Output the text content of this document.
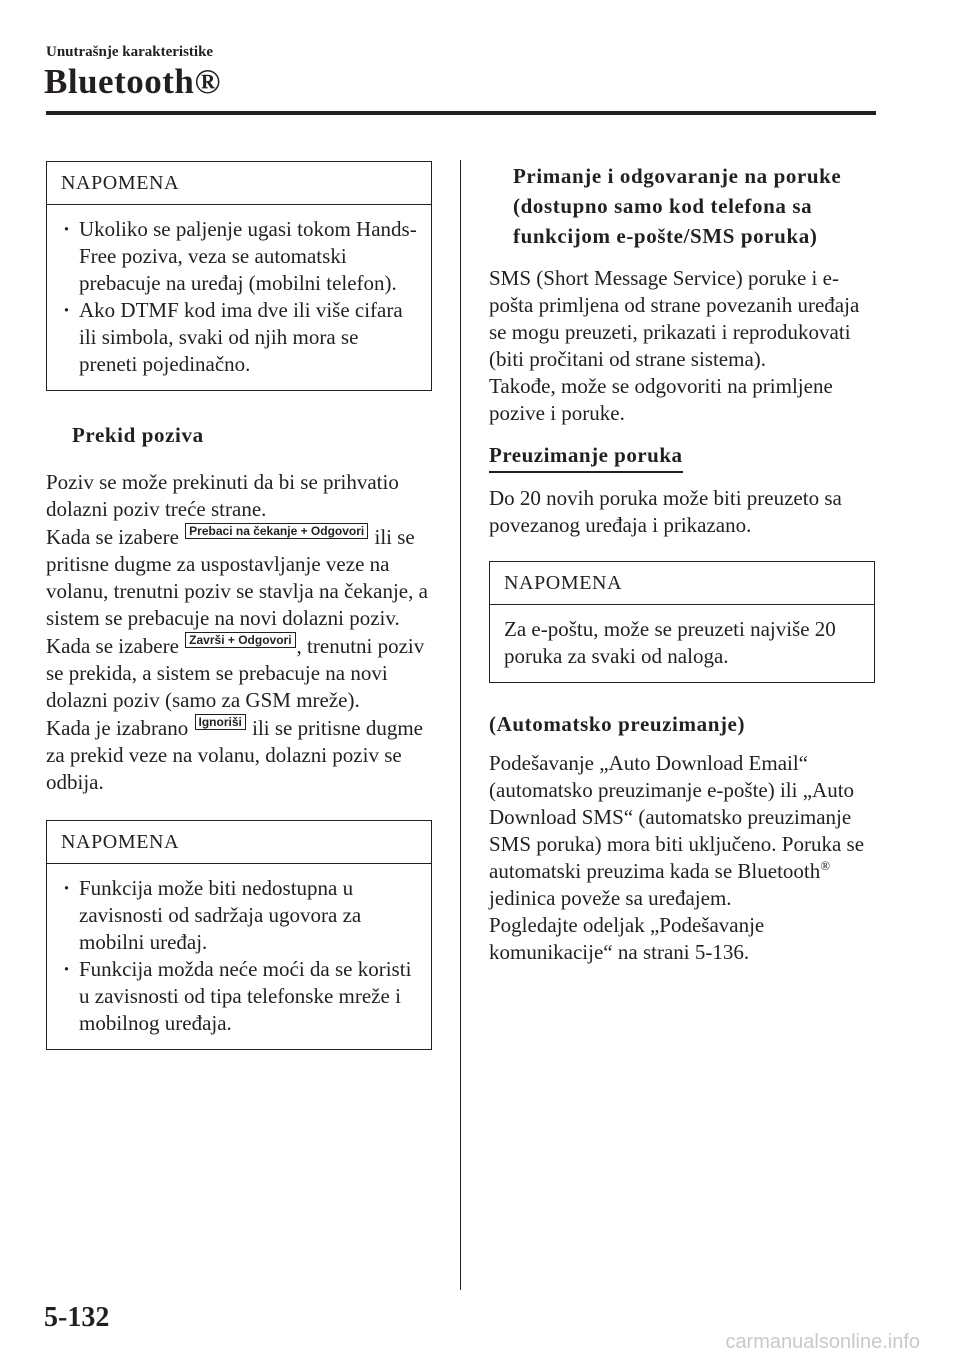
Unutrašnje karakteristike
Bluetooth®
NAPOMENA
· Ukoliko se paljenje ugasi tokom Hands-Free poziva, veza se automatski prebacuje na uređaj (mobilni telefon).
· Ako DTMF kod ima dve ili više cifara ili simbola, svaki od njih mora se preneti pojedinačno.
Prekid poziva

Poziv se može prekinuti da bi se prihvatio dolazni poziv treće strane.

Kada se izabere Prebaci na čekanje + Odgovori ili se pritisne dugme za uspostavljanje veze na volanu, trenutni poziv se stavlja na čekanje, a sistem se prebacuje na novi dolazni poziv.

Kada se izabere Završi + Odgovori , trenutni poziv se prekida, a sistem se prebacuje na novi dolazni poziv (samo za GSM mreže).

Kada je izabrano Ignoriši ili se pritisne dugme za prekid veze na volanu, dolazni poziv se odbija.

NAPOMENA
· Funkcija može biti nedostupna u zavisnosti od sadržaja ugovora za mobilni uređaj.
· Funkcija možda neće moći da se koristi u zavisnosti od tipa telefonske mreže i mobilnog uređaja.
Primanje i odgovaranje na poruke (dostupno samo kod telefona sa funkcijom e-pošte/SMS poruka)

SMS (Short Message Service) poruke i e-pošta primljena od strane povezanih uređaja se mogu preuzeti, prikazati i reprodukovati (biti pročitani od strane sistema).

Takođe, može se odgovoriti na primljene pozive i poruke.

Preuzimanje poruka

Do 20 novih poruka može biti preuzeto sa povezanog uređaja i prikazano.

NAPOMENA
Za e-poštu, može se preuzeti najviše 20 poruka za svaki od naloga.
(Automatsko preuzimanje)

Podešavanje „Auto Download Email“ (automatsko preuzimanje e-pošte) ili „Auto Download SMS“ (automatsko preuzimanje SMS poruka) mora biti uključeno. Poruka se automatski preuzima kada se Bluetooth® jedinica poveže sa uređajem.

Pogledajte odeljak „Podešavanje komunikacije“ na strani 5-136.

5-132
carmanualsonline.info
